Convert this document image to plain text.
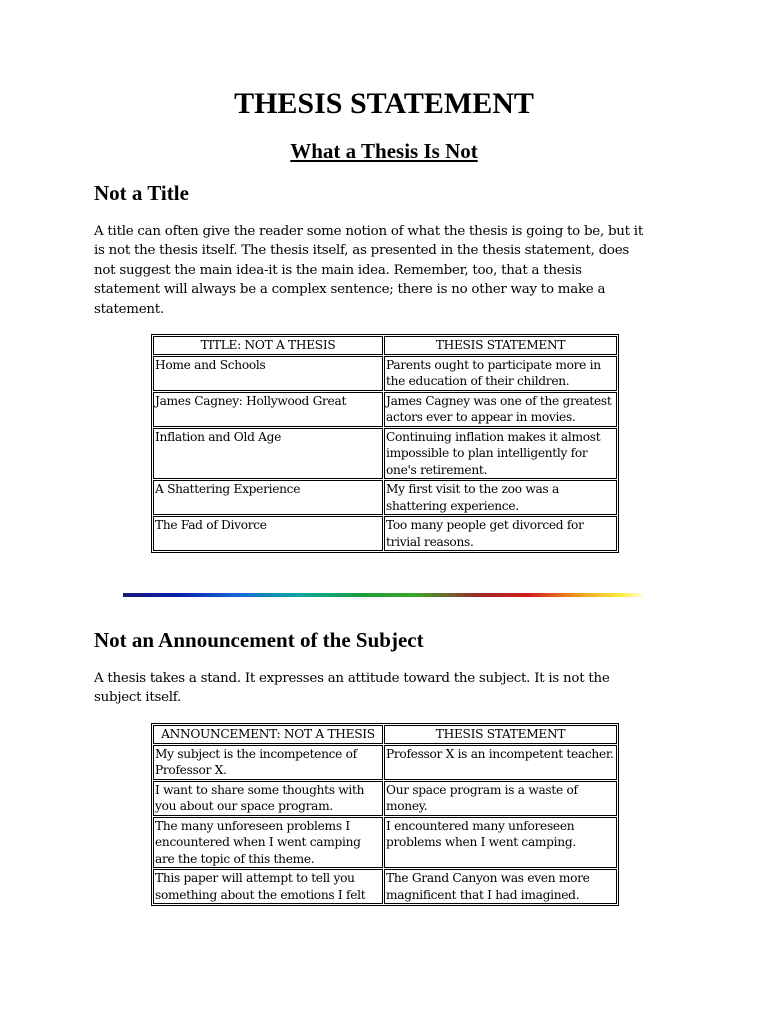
THESIS STATEMENT
What a Thesis Is Not
Not a Title

A title can often give the reader some notion of what the thesis is going to be, but it
is not the thesis itself. The thesis itself, as presented in the thesis statement, does
not suggest the main idea-it is the main idea. Remember, too, that a thesis
statement will always be a complex sentence; there is no other way to make a
statement.

TITLE: NOT A THESIS	THESIS STATEMENT
Home and Schools	Parents ought to participate more in the education of their children.
James Cagney: Hollywood Great	James Cagney was one of the greatest actors ever to appear in movies.
Inflation and Old Age	Continuing inflation makes it almost impossible to plan intelligently for one's retirement.
A Shattering Experience	My first visit to the zoo was a shattering experience.
The Fad of Divorce	Too many people get divorced for trivial reasons.
Not an Announcement of the Subject

A thesis takes a stand. It expresses an attitude toward the subject. It is not the
subject itself.

ANNOUNCEMENT: NOT A THESIS	THESIS STATEMENT
My subject is the incompetence of Professor X.	Professor X is an incompetent teacher.
I want to share some thoughts with you about our space program.	Our space program is a waste of money.
The many unforeseen problems I encountered when I went camping are the topic of this theme.	I encountered many unforeseen problems when I went camping.
This paper will attempt to tell you something about the emotions I felt	The Grand Canyon was even more magnificent that I had imagined.
